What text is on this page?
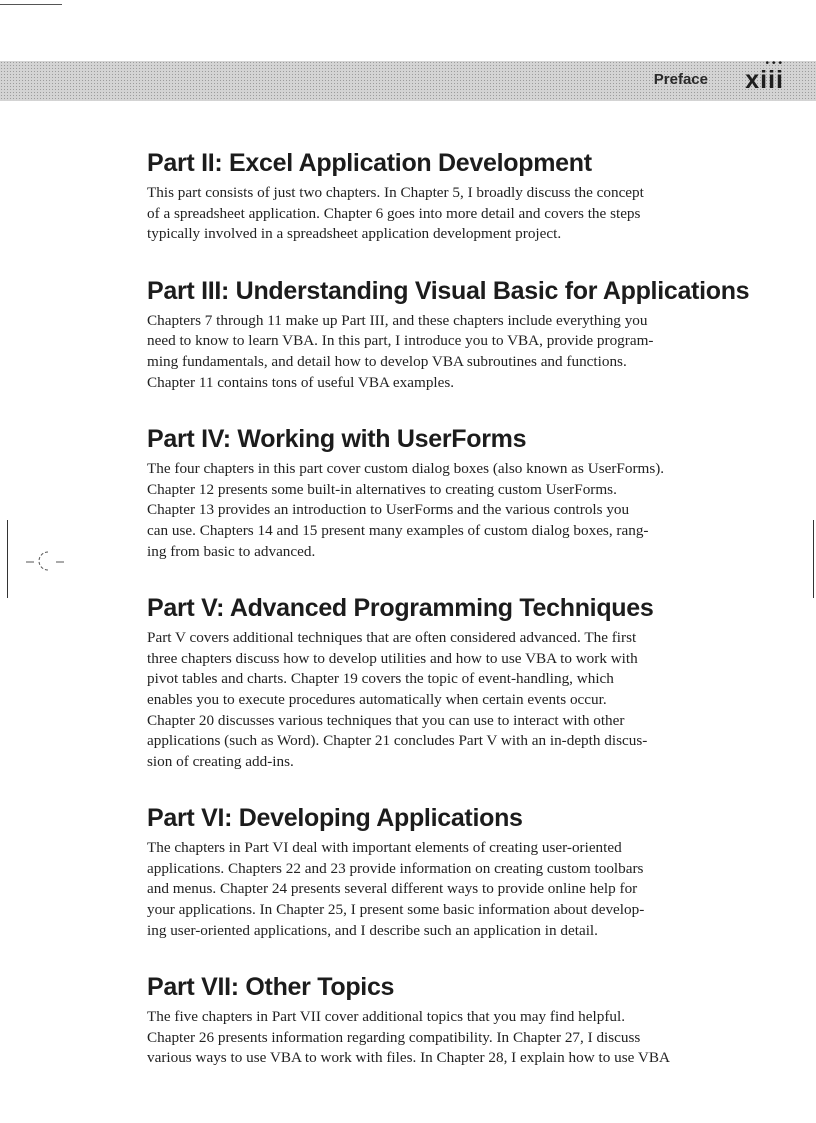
Preface
•••
xiii
Part II: Excel Application Development

This part consists of just two chapters. In Chapter 5, I broadly discuss the concept
of a spreadsheet application. Chapter 6 goes into more detail and covers the steps
typically involved in a spreadsheet application development project.

Part III: Understanding Visual Basic for Applications

Chapters 7 through 11 make up Part III, and these chapters include everything you
need to know to learn VBA. In this part, I introduce you to VBA, provide program-
ming fundamentals, and detail how to develop VBA subroutines and functions.
Chapter 11 contains tons of useful VBA examples.

Part IV: Working with UserForms

The four chapters in this part cover custom dialog boxes (also known as UserForms).
Chapter 12 presents some built-in alternatives to creating custom UserForms.
Chapter 13 provides an introduction to UserForms and the various controls you
can use. Chapters 14 and 15 present many examples of custom dialog boxes, rang-
ing from basic to advanced.

Part V: Advanced Programming Techniques

Part V covers additional techniques that are often considered advanced. The first
three chapters discuss how to develop utilities and how to use VBA to work with
pivot tables and charts. Chapter 19 covers the topic of event-handling, which
enables you to execute procedures automatically when certain events occur.
Chapter 20 discusses various techniques that you can use to interact with other
applications (such as Word). Chapter 21 concludes Part V with an in-depth discus-
sion of creating add-ins.

Part VI: Developing Applications

The chapters in Part VI deal with important elements of creating user-oriented
applications. Chapters 22 and 23 provide information on creating custom toolbars
and menus. Chapter 24 presents several different ways to provide online help for
your applications. In Chapter 25, I present some basic information about develop-
ing user-oriented applications, and I describe such an application in detail.

Part VII: Other Topics

The five chapters in Part VII cover additional topics that you may find helpful.
Chapter 26 presents information regarding compatibility. In Chapter 27, I discuss
various ways to use VBA to work with files. In Chapter 28, I explain how to use VBA
